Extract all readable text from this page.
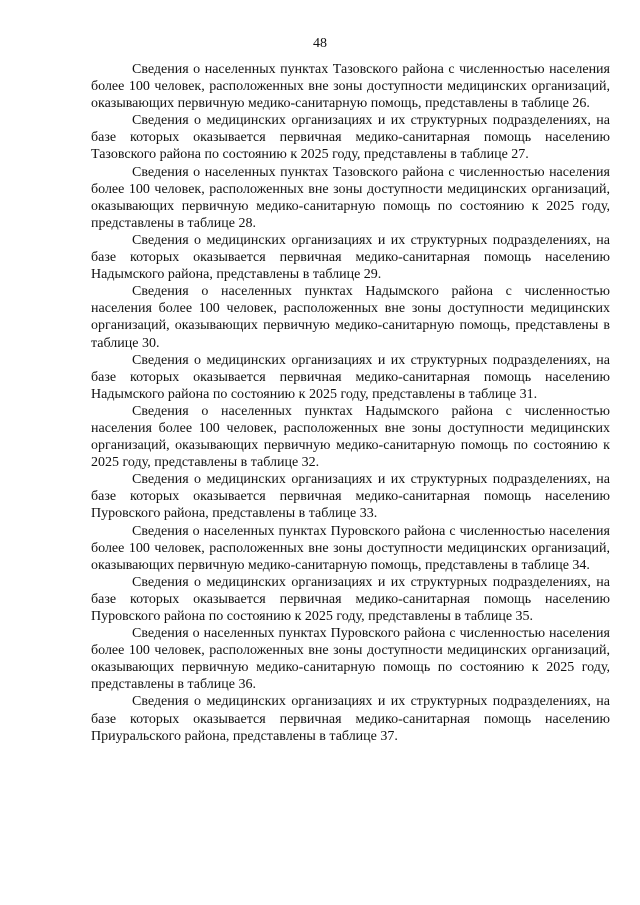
48

Сведения о населенных пунктах Тазовского района с численностью населения более 100 человек, расположенных вне зоны доступности медицинских организаций, оказывающих первичную медико-санитарную помощь, представлены в таблице 26.

Сведения о медицинских организациях и их структурных подразделениях, на базе которых оказывается первичная медико-санитарная помощь населению Тазовского района по состоянию к 2025 году, представлены в таблице 27.

Сведения о населенных пунктах Тазовского района с численностью населения более 100 человек, расположенных вне зоны доступности медицинских организаций, оказывающих первичную медико-санитарную помощь по состоянию к 2025 году, представлены в таблице 28.

Сведения о медицинских организациях и их структурных подразделениях, на базе которых оказывается первичная медико-санитарная помощь населению Надымского района, представлены в таблице 29.

Сведения о населенных пунктах Надымского района с численностью населения более 100 человек, расположенных вне зоны доступности медицинских организаций, оказывающих первичную медико-санитарную помощь, представлены в таблице 30.

Сведения о медицинских организациях и их структурных подразделениях, на базе которых оказывается первичная медико-санитарная помощь населению Надымского района по состоянию к 2025 году, представлены в таблице 31.

Сведения о населенных пунктах Надымского района с численностью населения более 100 человек, расположенных вне зоны доступности медицинских организаций, оказывающих первичную медико-санитарную помощь по состоянию к 2025 году, представлены в таблице 32.

Сведения о медицинских организациях и их структурных подразделениях, на базе которых оказывается первичная медико-санитарная помощь населению Пуровского района, представлены в таблице 33.

Сведения о населенных пунктах Пуровского района с численностью населения более 100 человек, расположенных вне зоны доступности медицинских организаций, оказывающих первичную медико-санитарную помощь, представлены в таблице 34.

Сведения о медицинских организациях и их структурных подразделениях, на базе которых оказывается первичная медико-санитарная помощь населению Пуровского района по состоянию к 2025 году, представлены в таблице 35.

Сведения о населенных пунктах Пуровского района с численностью населения более 100 человек, расположенных вне зоны доступности медицинских организаций, оказывающих первичную медико-санитарную помощь по состоянию к 2025 году, представлены в таблице 36.

Сведения о медицинских организациях и их структурных подразделениях, на базе которых оказывается первичная медико-санитарная помощь населению Приуральского района, представлены в таблице 37.
